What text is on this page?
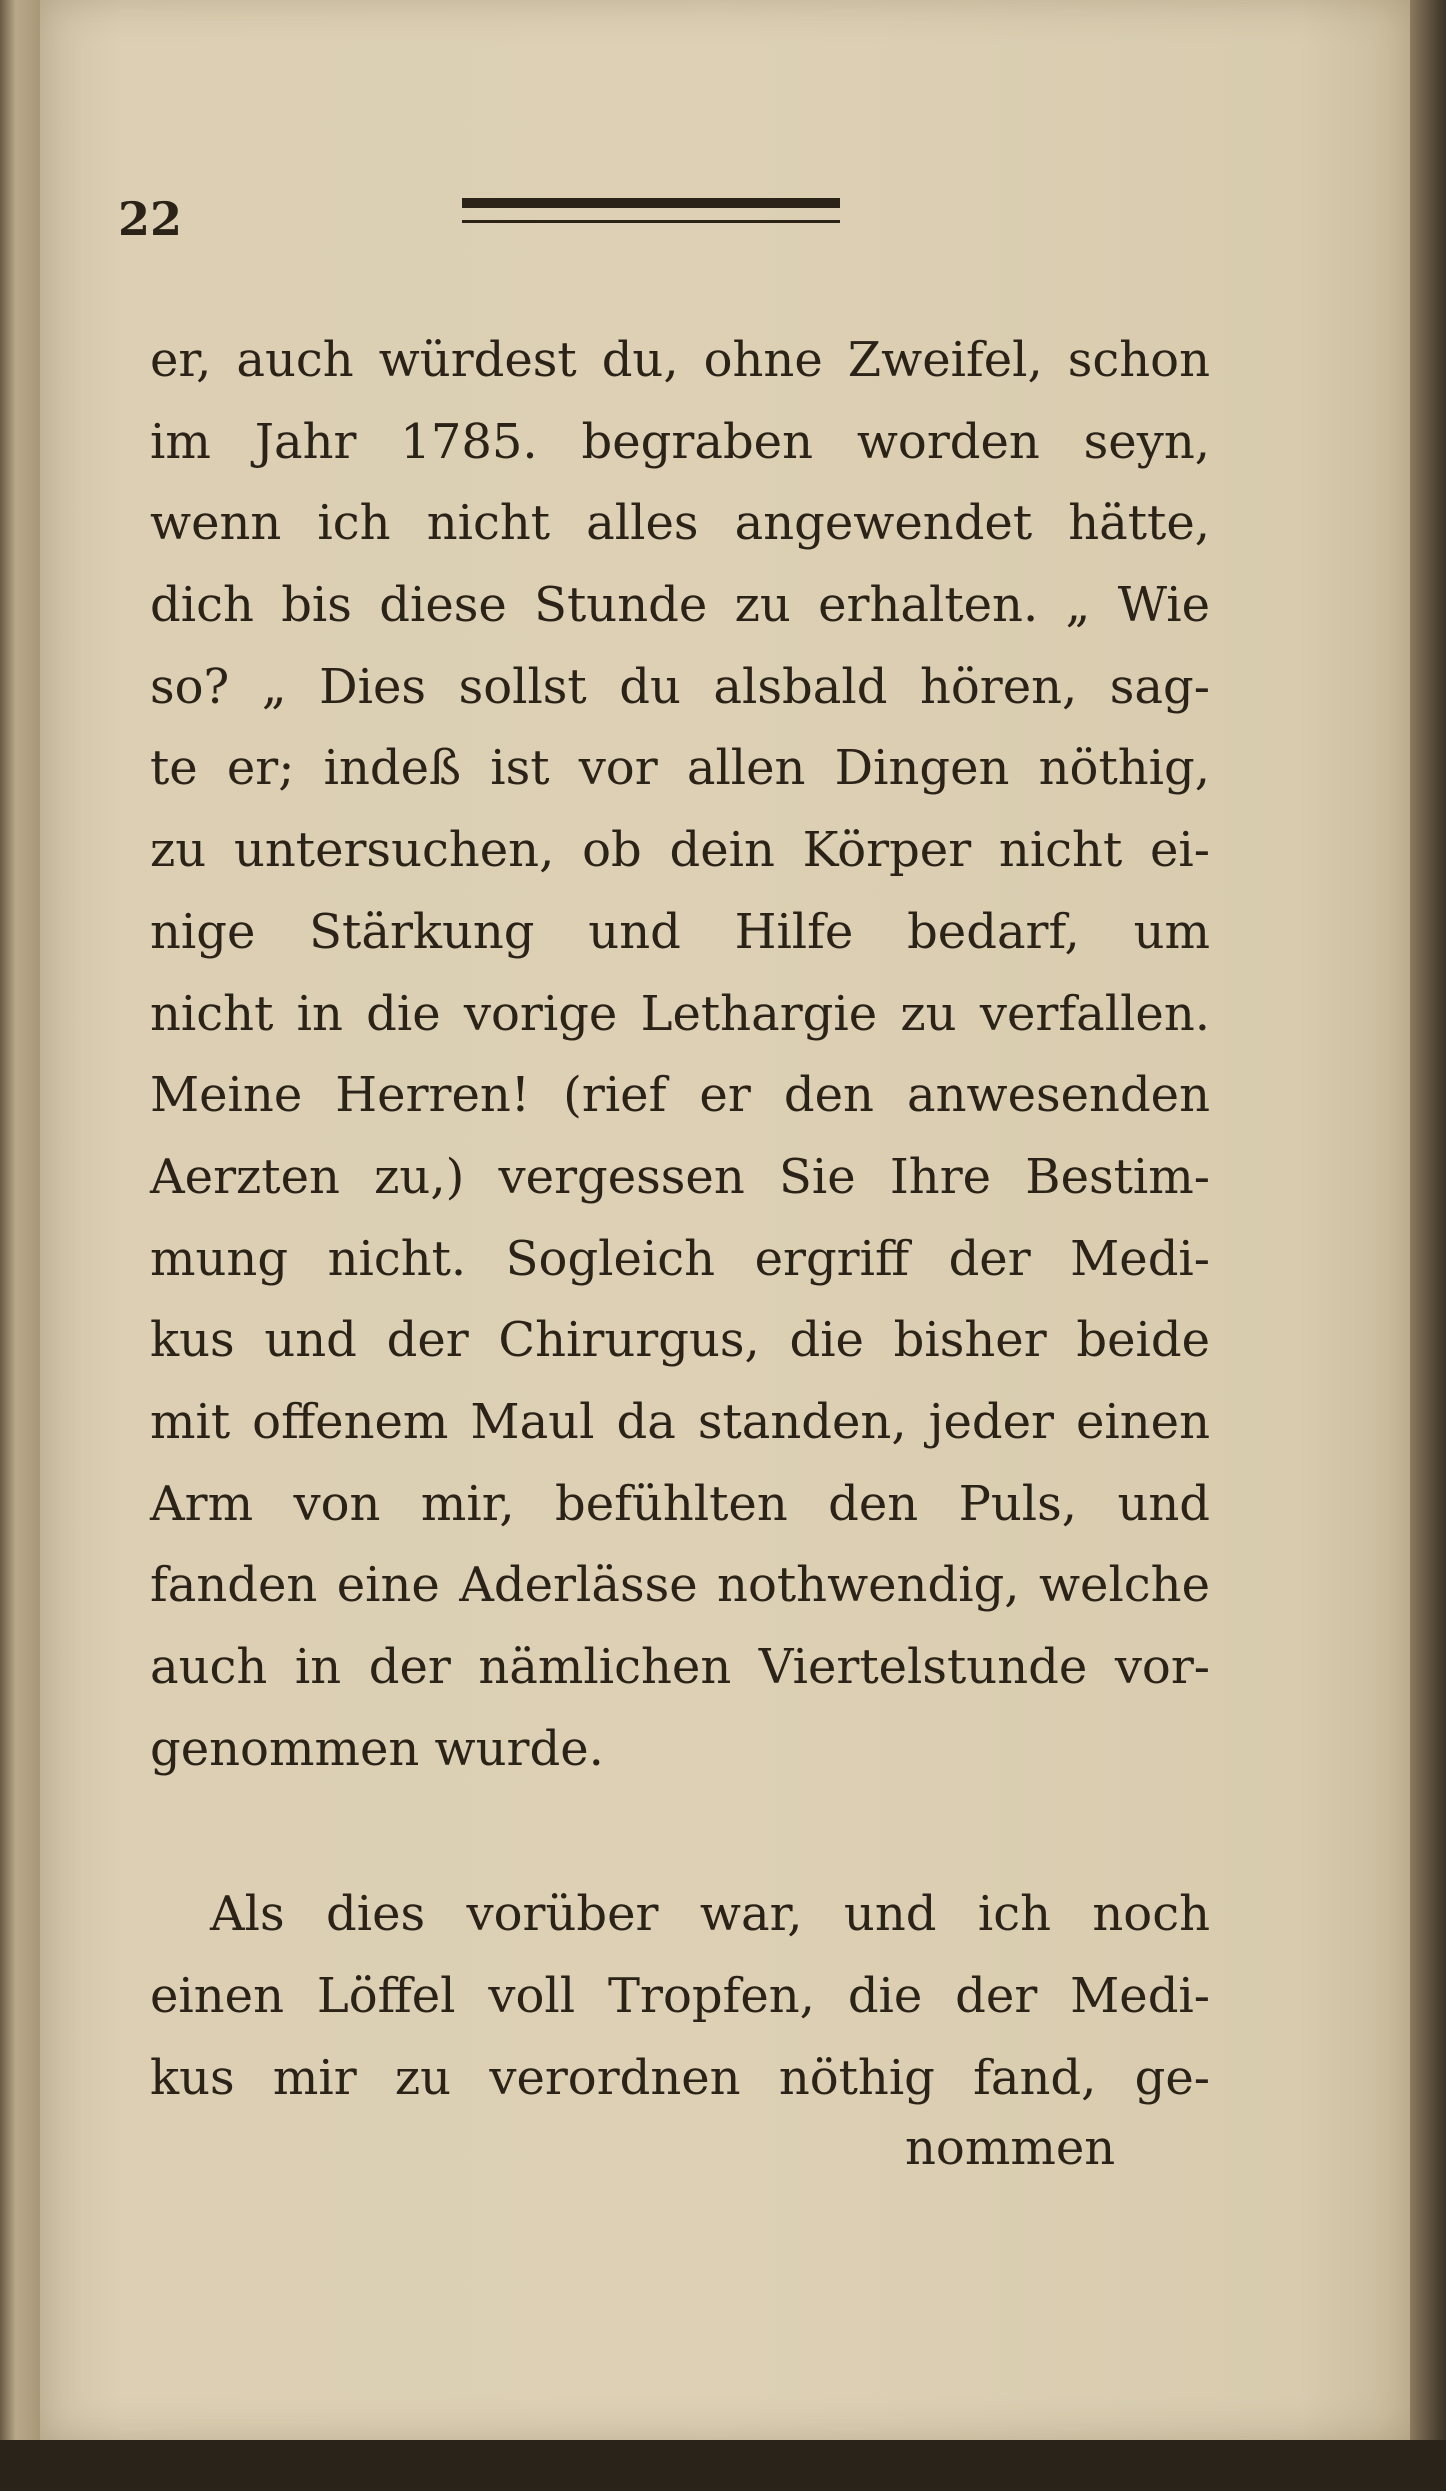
22
er, auch würdest du, ohne Zweifel, schon
im Jahr 1785. begraben worden seyn,
wenn ich nicht alles angewendet hätte,
dich bis diese Stunde zu erhalten. „ Wie
so? „ Dies sollst du alsbald hören, sag-
te er; indeß ist vor allen Dingen nöthig,
zu untersuchen, ob dein Körper nicht ei-
nige Stärkung und Hilfe bedarf, um
nicht in die vorige Lethargie zu verfallen.
Meine Herren! (rief er den anwesenden
Aerzten zu,) vergessen Sie Ihre Bestim-
mung nicht. Sogleich ergriff der Medi-
kus und der Chirurgus, die bisher beide
mit offenem Maul da standen, jeder einen
Arm von mir, befühlten den Puls, und
fanden eine Aderlässe nothwendig, welche
auch in der nämlichen Viertelstunde vor-
genommen wurde.
Als dies vorüber war, und ich noch
einen Löffel voll Tropfen, die der Medi-
kus mir zu verordnen nöthig fand, ge-
nommen
